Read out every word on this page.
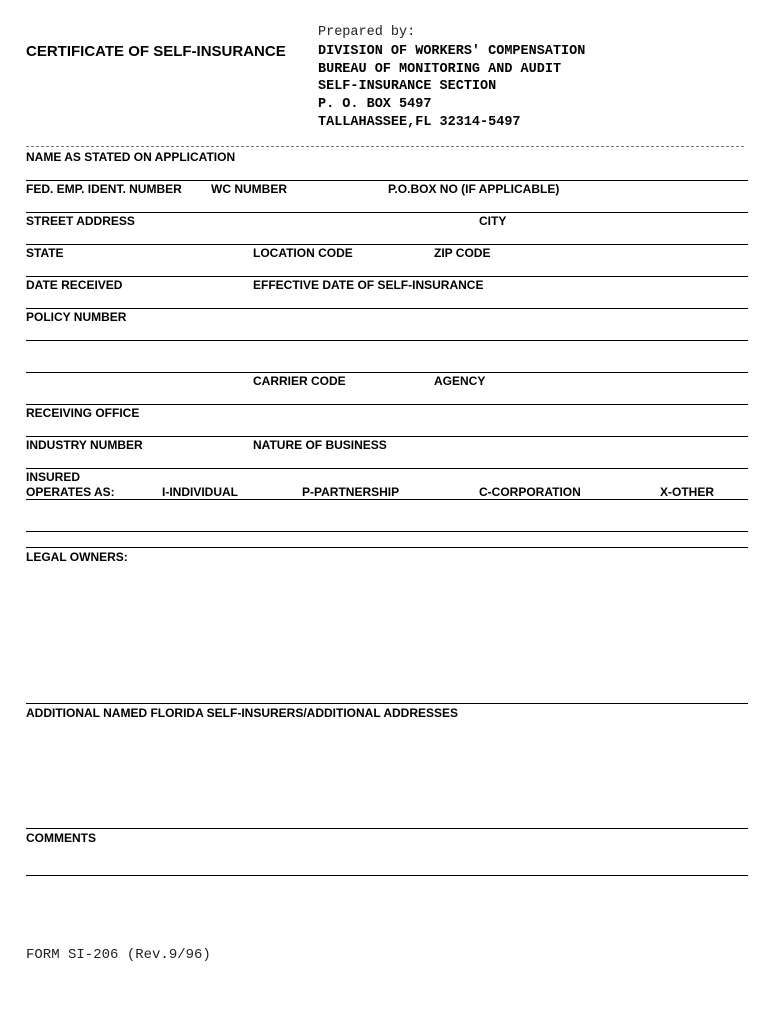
CERTIFICATE OF SELF-INSURANCE
Prepared by:
DIVISION OF WORKERS' COMPENSATION
BUREAU OF MONITORING AND AUDIT
SELF-INSURANCE SECTION
P. O. BOX 5497
TALLAHASSEE,FL 32314-5497
NAME AS STATED ON APPLICATION
FED. EMP. IDENT. NUMBER WC NUMBER	P.O.BOX NO (IF APPLICABLE)
STREET ADDRESS	CITY
STATE	LOCATION CODE	ZIP CODE
DATE RECEIVED	EFFECTIVE DATE OF SELF-INSURANCE
POLICY NUMBER
CARRIER CODE	AGENCY
RECEIVING OFFICE
INDUSTRY NUMBER	NATURE OF BUSINESS
INSURED
OPERATES AS:	I-INDIVIDUAL	P-PARTNERSHIP	C-CORPORATION	X-OTHER
LEGAL OWNERS:
ADDITIONAL NAMED FLORIDA SELF-INSURERS/ADDITIONAL ADDRESSES
COMMENTS
FORM SI-206 (Rev.9/96)
